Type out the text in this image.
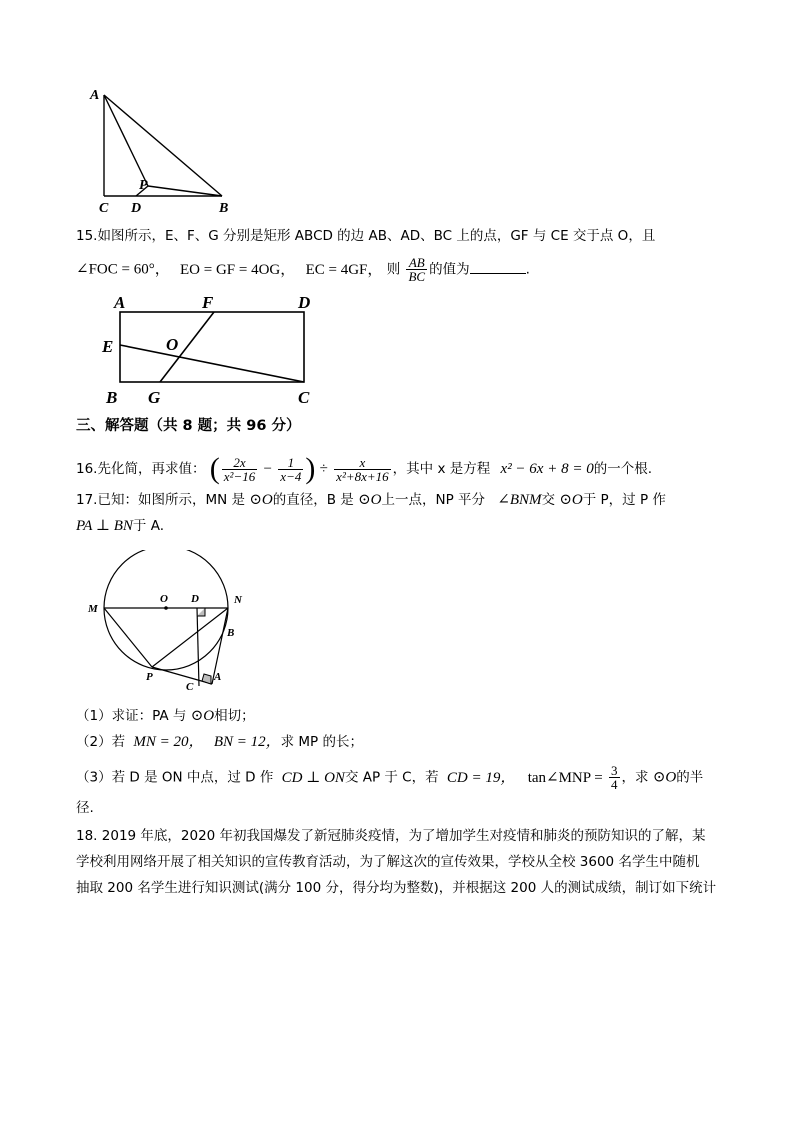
A
P
C D	B
15.如图所示，E、F、G 分别是矩形 ABCD 的边 AB、AD、BC 上的点，GF 与 CE 交于点 O，且
∠FOC = 60°， EO = GF = 4OG， EC = 4GF， 则 $\frac{AB}{BC}$ 的值为	.
A	F	D
E	O
B G	C
三、解答题（共 8 题；共 96 分）
16.先化简，再求值： ( $\frac{2x}{\text{x²−16}} - \frac{1}{x-4}$ ) ÷ $\frac{x}{\text{x²+8x+16}}$ ，其中 x 是方程 x² − 6x + 8 = 0的一个根.
17.已知：如图所示，MN 是 ⊙O的直径，B 是 ⊙O上一点，NP 平分 ∠BNM交 ⊙O于 P，过 P 作
PA ⊥ BN于 A.
O D	N
M
B
P
C
A
（1）求证：PA 与 ⊙O相切；
（2）若 MN = 20， BN = 12，求 MP 的长；
（3）若 D 是 ON 中点，过 D 作 CD ⊥ ON交 AP 于 C，若 CD = 19， tan∠MNP = $\frac{3}{4}$ ，求 ⊙O的半
径.
18. 2019 年底，2020 年初我国爆发了新冠肺炎疫情，为了增加学生对疫情和肺炎的预防知识的了解，某
学校利用网络开展了相关知识的宣传教育活动，为了解这次的宣传效果，学校从全校 3600 名学生中随机
抽取 200 名学生进行知识测试(满分 100 分，得分均为整数)，并根据这 200 人的测试成绩，制订如下统计
